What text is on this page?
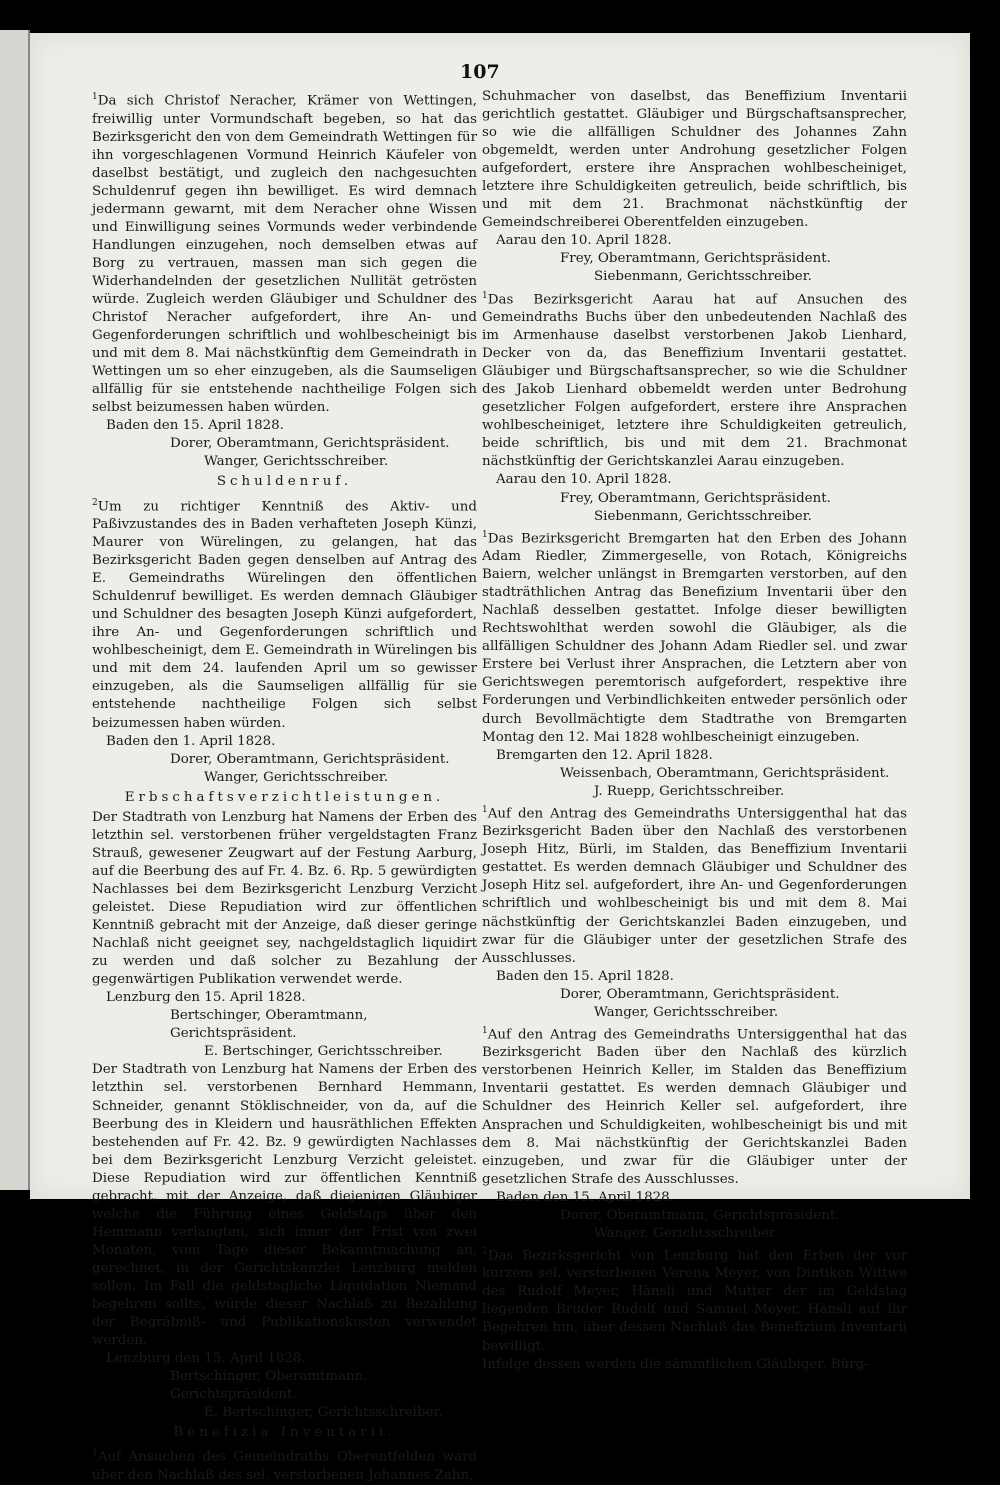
107

$^1$Da sich Christof Neracher, Krämer von Wettingen, freiwillig unter Vormundschaft begeben, so hat das Bezirksgericht den von dem Gemeindrath Wettingen für ihn vorgeschlagenen Vormund Heinrich Käufeler von daselbst bestätigt, und zugleich den nachgesuchten Schuldenruf gegen ihn bewilliget. Es wird demnach jedermann gewarnt, mit dem Neracher ohne Wissen und Einwilligung seines Vormunds weder verbindende Handlungen einzugehen, noch demselben etwas auf Borg zu vertrauen, massen man sich gegen die Widerhandelnden der gesetzlichen Nullität getrösten würde. Zugleich werden Gläubiger und Schuldner des Christof Neracher aufgefordert, ihre An- und Gegenforderungen schriftlich und wohlbescheinigt bis und mit dem 8. Mai nächstkünftig dem Gemeindrath in Wettingen um so eher einzugeben, als die Saumseligen allfällig für sie entstehende nachtheilige Folgen sich selbst beizumessen haben würden.

Baden den 15. April 1828.
Dorer, Oberamtmann, Gerichtspräsident.
Wanger, Gerichtsschreiber.
Schuldenruf.

$^2$Um zu richtiger Kenntniß des Aktiv- und Paßivzustandes des in Baden verhafteten Joseph Künzi, Maurer von Würelingen, zu gelangen, hat das Bezirksgericht Baden gegen denselben auf Antrag des E. Gemeindraths Würelingen den öffentlichen Schuldenruf bewilliget. Es werden demnach Gläubiger und Schuldner des besagten Joseph Künzi aufgefordert, ihre An- und Gegenforderungen schriftlich und wohlbescheinigt, dem E. Gemeindrath in Würelingen bis und mit dem 24. laufenden April um so gewisser einzugeben, als die Saumseligen allfällig für sie entstehende nachtheilige Folgen sich selbst beizumessen haben würden.

Baden den 1. April 1828.
Dorer, Oberamtmann, Gerichtspräsident.
Wanger, Gerichtsschreiber.
Erbschaftsverzichtleistungen.

Der Stadtrath von Lenzburg hat Namens der Erben des letzthin sel. verstorbenen früher vergeldstagten Franz Strauß, gewesener Zeugwart auf der Festung Aarburg, auf die Beerbung des auf Fr. 4. Bz. 6. Rp. 5 gewürdigten Nachlasses bei dem Bezirksgericht Lenzburg Verzicht geleistet. Diese Repudiation wird zur öffentlichen Kenntniß gebracht mit der Anzeige, daß dieser geringe Nachlaß nicht geeignet sey, nachgeldstaglich liquidirt zu werden und daß solcher zu Bezahlung der gegenwärtigen Publikation verwendet werde.

Lenzburg den 15. April 1828.
Bertschinger, Oberamtmann, Gerichtspräsident.
E. Bertschinger, Gerichtsschreiber.

Der Stadtrath von Lenzburg hat Namens der Erben des letzthin sel. verstorbenen Bernhard Hemmann, Schneider, genannt Stöklischneider, von da, auf die Beerbung des in Kleidern und hausräthlichen Effekten bestehenden auf Fr. 42. Bz. 9 gewürdigten Nachlasses bei dem Bezirksgericht Lenzburg Verzicht geleistet. Diese Repudiation wird zur öffentlichen Kenntniß gebracht, mit der Anzeige, daß diejenigen Gläubiger welche die Führung eines Geldstags über den Hemmann verlangten, sich inner der Frist von zwei Monaten, vom Tage dieser Bekanntmachung an, gerechnet, in der Gerichtskanzlei Lenzburg melden sollen. Im Fall die geldstagliche Liquidation Niemand begehren sollte, würde dieser Nachlaß zu Bezahlung der Begräbniß- und Publikationskosten verwendet werden.

Lenzburg den 15. April 1828.
Bertschinger, Oberamtmann, Gerichtspräsident.
E. Bertschinger, Gerichtsschreiber.
Benefizia Inventarii.

$^1$Auf Ansuchen des Gemeindraths Oberentfelden ward über den Nachlaß des sel. verstorbenen Johannes Zahn,

Schuhmacher von daselbst, das Beneffizium Inventarii gerichtlich gestattet. Gläubiger und Bürgschaftsansprecher, so wie die allfälligen Schuldner des Johannes Zahn obgemeldt, werden unter Androhung gesetzlicher Folgen aufgefordert, erstere ihre Ansprachen wohlbescheiniget, letztere ihre Schuldigkeiten getreulich, beide schriftlich, bis und mit dem 21. Brachmonat nächstkünftig der Gemeindschreiberei Oberentfelden einzugeben.

Aarau den 10. April 1828.
Frey, Oberamtmann, Gerichtspräsident.
Siebenmann, Gerichtsschreiber.

$^1$Das Bezirksgericht Aarau hat auf Ansuchen des Gemeindraths Buchs über den unbedeutenden Nachlaß des im Armenhause daselbst verstorbenen Jakob Lienhard, Decker von da, das Beneffizium Inventarii gestattet. Gläubiger und Bürgschaftsansprecher, so wie die Schuldner des Jakob Lienhard obbemeldt werden unter Bedrohung gesetzlicher Folgen aufgefordert, erstere ihre Ansprachen wohlbescheiniget, letztere ihre Schuldigkeiten getreulich, beide schriftlich, bis und mit dem 21. Brachmonat nächstkünftig der Gerichtskanzlei Aarau einzugeben.

Aarau den 10. April 1828.
Frey, Oberamtmann, Gerichtspräsident.
Siebenmann, Gerichtsschreiber.

$^1$Das Bezirksgericht Bremgarten hat den Erben des Johann Adam Riedler, Zimmergeselle, von Rotach, Königreichs Baiern, welcher unlängst in Bremgarten verstorben, auf den stadträthlichen Antrag das Benefizium Inventarii über den Nachlaß desselben gestattet. Infolge dieser bewilligten Rechtswohlthat werden sowohl die Gläubiger, als die allfälligen Schuldner des Johann Adam Riedler sel. und zwar Erstere bei Verlust ihrer Ansprachen, die Letztern aber von Gerichtswegen peremtorisch aufgefordert, respektive ihre Forderungen und Verbindlichkeiten entweder persönlich oder durch Bevollmächtigte dem Stadtrathe von Bremgarten Montag den 12. Mai 1828 wohlbescheinigt einzugeben.

Bremgarten den 12. April 1828.
Weissenbach, Oberamtmann, Gerichtspräsident.
J. Ruepp, Gerichtsschreiber.

$^1$Auf den Antrag des Gemeindraths Untersiggenthal hat das Bezirksgericht Baden über den Nachlaß des verstorbenen Joseph Hitz, Bürli, im Stalden, das Beneffizium Inventarii gestattet. Es werden demnach Gläubiger und Schuldner des Joseph Hitz sel. aufgefordert, ihre An- und Gegenforderungen schriftlich und wohlbescheinigt bis und mit dem 8. Mai nächstkünftig der Gerichtskanzlei Baden einzugeben, und zwar für die Gläubiger unter der gesetzlichen Strafe des Ausschlusses.

Baden den 15. April 1828.
Dorer, Oberamtmann, Gerichtspräsident.
Wanger, Gerichtsschreiber.

$^1$Auf den Antrag des Gemeindraths Untersiggenthal hat das Bezirksgericht Baden über den Nachlaß des kürzlich verstorbenen Heinrich Keller, im Stalden das Beneffizium Inventarii gestattet. Es werden demnach Gläubiger und Schuldner des Heinrich Keller sel. aufgefordert, ihre Ansprachen und Schuldigkeiten, wohlbescheinigt bis und mit dem 8. Mai nächstkünftig der Gerichtskanzlei Baden einzugeben, und zwar für die Gläubiger unter der gesetzlichen Strafe des Ausschlusses.

Baden den 15. April 1828.
Dorer, Oberamtmann, Gerichtspräsident.
Wanger, Gerichtsschreiber.

$^2$Das Bezirksgericht von Lenzburg hat den Erben der vor kurzem sel. verstorbenen Verena Meyer, von Dintiken Wittwe des Rudolf Meyer, Hänsli und Mutter der im Geldstag liegenden Brüder Rudolf und Samuel Meyer, Hänsli auf ihr Begehren hin, über dessen Nachlaß das Benefizium Inventarii bewilligt.

Infolge dessen werden die sämmtlichen Gläubiger, Bürg-
